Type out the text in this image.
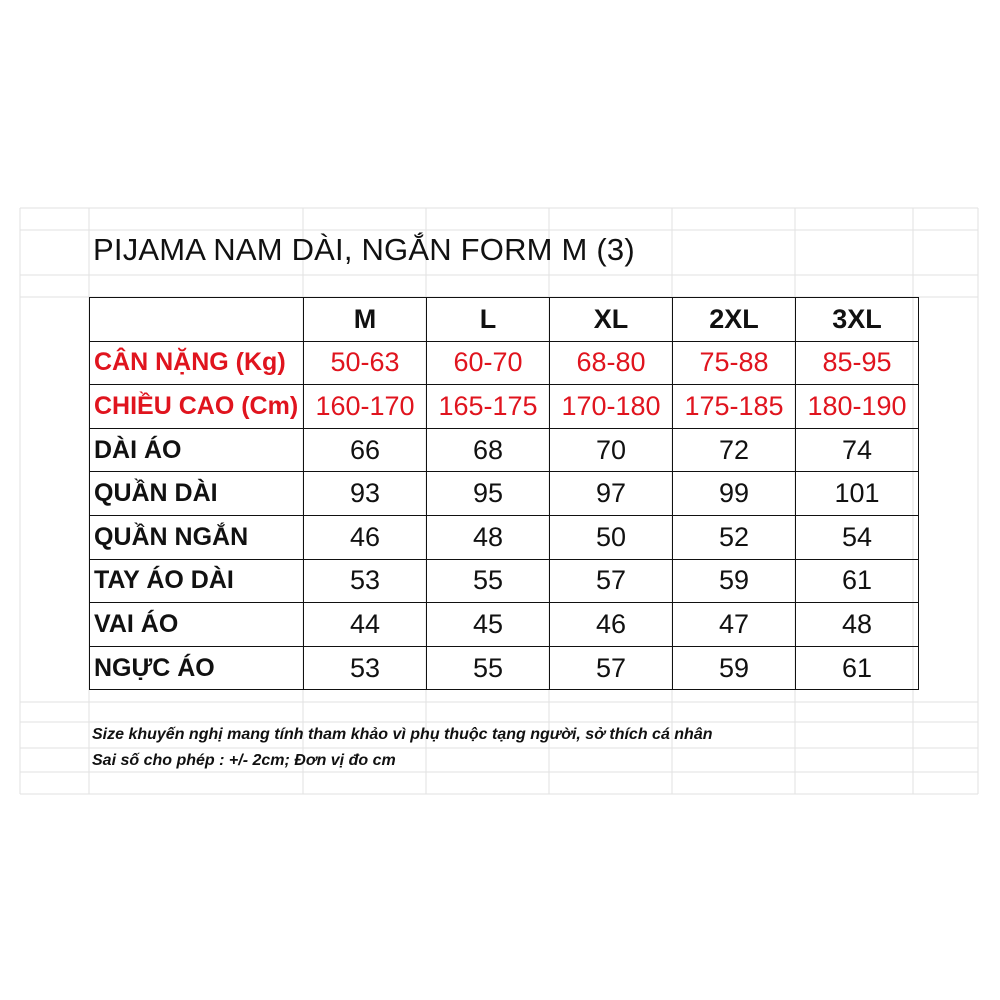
PIJAMA NAM DÀI, NGẮN FORM M (3)
	M	L	XL	2XL	3XL
CÂN NẶNG (Kg)	50-63	60-70	68-80	75-88	85-95
CHIỀU CAO (Cm)	160-170	165-175	170-180	175-185	180-190
DÀI ÁO	66	68	70	72	74
QUẦN DÀI	93	95	97	99	101
QUẦN NGẮN	46	48	50	52	54
TAY ÁO DÀI	53	55	57	59	61
VAI ÁO	44	45	46	47	48
NGỰC ÁO	53	55	57	59	61
Size khuyến nghị mang tính tham khảo vì phụ thuộc tạng người, sở thích cá nhân
Sai số cho phép : +/- 2cm; Đơn vị đo cm
